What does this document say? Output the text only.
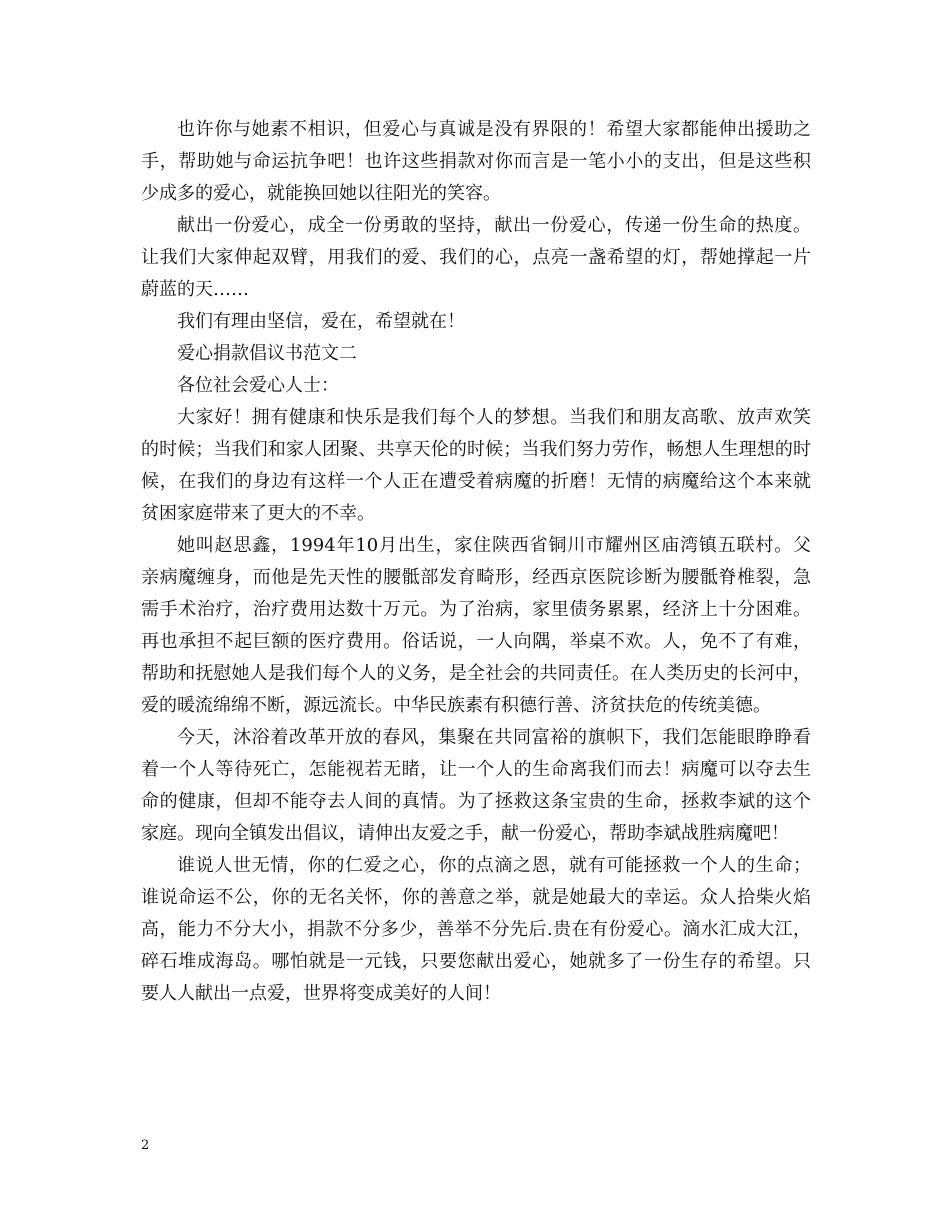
也许你与她素不相识，但爱心与真诚是没有界限的！希望大家都能伸出援助之
手，帮助她与命运抗争吧！也许这些捐款对你而言是一笔小小的支出，但是这些积
少成多的爱心，就能换回她以往阳光的笑容。
献出一份爱心，成全一份勇敢的坚持，献出一份爱心，传递一份生命的热度。
让我们大家伸起双臂，用我们的爱、我们的心，点亮一盏希望的灯，帮她撑起一片
蔚蓝的天……
我们有理由坚信，爱在，希望就在！
爱心捐款倡议书范文二
各位社会爱心人士：
大家好！拥有健康和快乐是我们每个人的梦想。当我们和朋友高歌、放声欢笑
的时候；当我们和家人团聚、共享天伦的时候；当我们努力劳作，畅想人生理想的时
候，在我们的身边有这样一个人正在遭受着病魔的折磨！无情的病魔给这个本来就
贫困家庭带来了更大的不幸。
她叫赵思鑫，1994年10月出生，家住陕西省铜川市耀州区庙湾镇五联村。父
亲病魔缠身，而他是先天性的腰骶部发育畸形，经西京医院诊断为腰骶脊椎裂，急
需手术治疗，治疗费用达数十万元。为了治病，家里债务累累，经济上十分困难。
再也承担不起巨额的医疗费用。俗话说，一人向隅，举桌不欢。人，免不了有难，
帮助和抚慰她人是我们每个人的义务，是全社会的共同责任。在人类历史的长河中，
爱的暖流绵绵不断，源远流长。中华民族素有积德行善、济贫扶危的传统美德。
今天，沐浴着改革开放的春风，集聚在共同富裕的旗帜下，我们怎能眼睁睁看
着一个人等待死亡，怎能视若无睹，让一个人的生命离我们而去！病魔可以夺去生
命的健康，但却不能夺去人间的真情。为了拯救这条宝贵的生命，拯救李斌的这个
家庭。现向全镇发出倡议，请伸出友爱之手，献一份爱心，帮助李斌战胜病魔吧！
谁说人世无情，你的仁爱之心，你的点滴之恩，就有可能拯救一个人的生命；
谁说命运不公，你的无名关怀，你的善意之举，就是她最大的幸运。众人拾柴火焰
高，能力不分大小，捐款不分多少，善举不分先后.贵在有份爱心。滴水汇成大江，
碎石堆成海岛。哪怕就是一元钱，只要您献出爱心，她就多了一份生存的希望。只
要人人献出一点爱，世界将变成美好的人间！
2
